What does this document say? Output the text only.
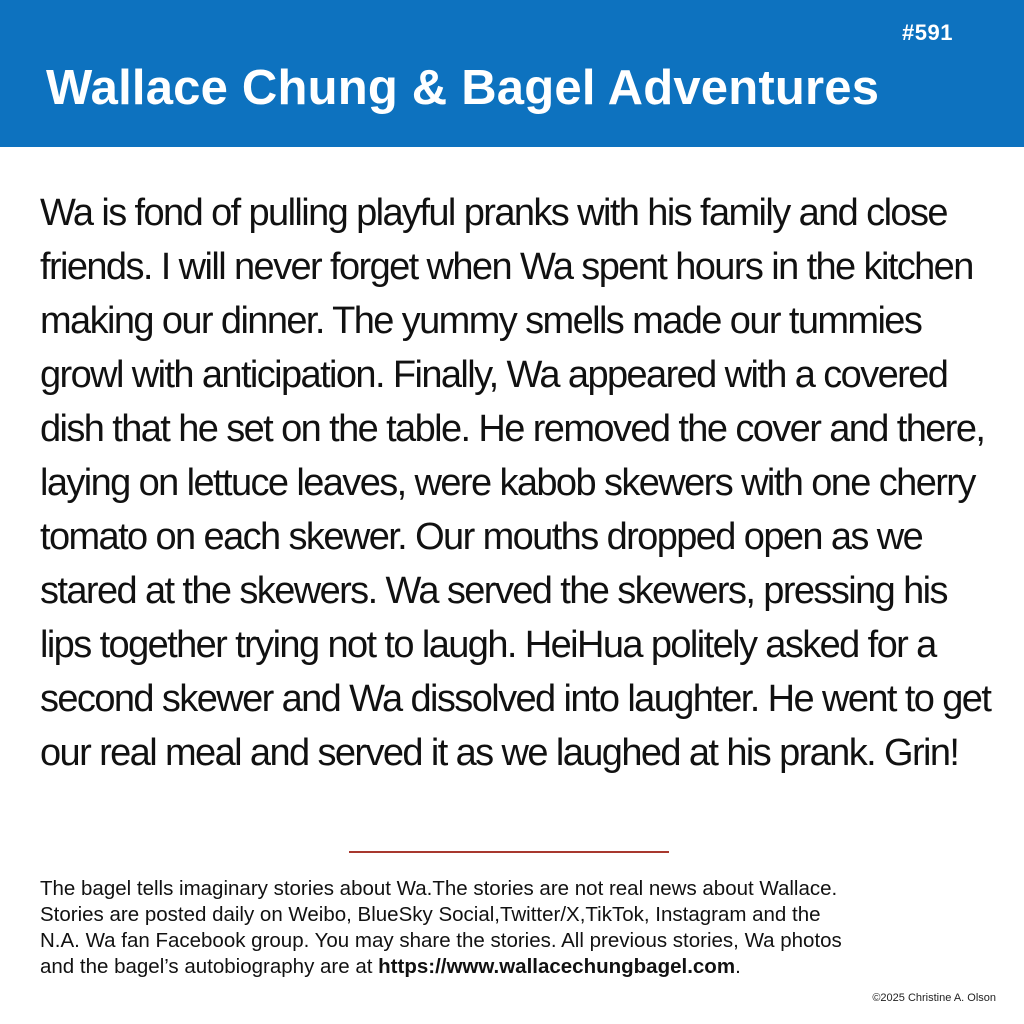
#591
Wallace Chung & Bagel Adventures
Wa is fond of pulling playful pranks with his family and close
friends. I will never forget when Wa spent hours in the kitchen
making our dinner. The yummy smells made our tummies
growl with anticipation. Finally, Wa appeared with a covered
dish that he set on the table. He removed the cover and there,
laying on lettuce leaves, were kabob skewers with one cherry
tomato on each skewer. Our mouths dropped open as we
stared at the skewers. Wa served the skewers, pressing his
lips together trying not to laugh. HeiHua politely asked for a
second skewer and Wa dissolved into laughter. He went to get
our real meal and served it as we laughed at his prank. Grin!
The bagel tells imaginary stories about Wa.The stories are not real news about Wallace.
Stories are posted daily on Weibo, BlueSky Social,Twitter/X,TikTok, Instagram and the
N.A. Wa fan Facebook group. You may share the stories. All previous stories, Wa photos
and the bagel’s autobiography are at https://www.wallacechungbagel.com.
©2025 Christine A. Olson
